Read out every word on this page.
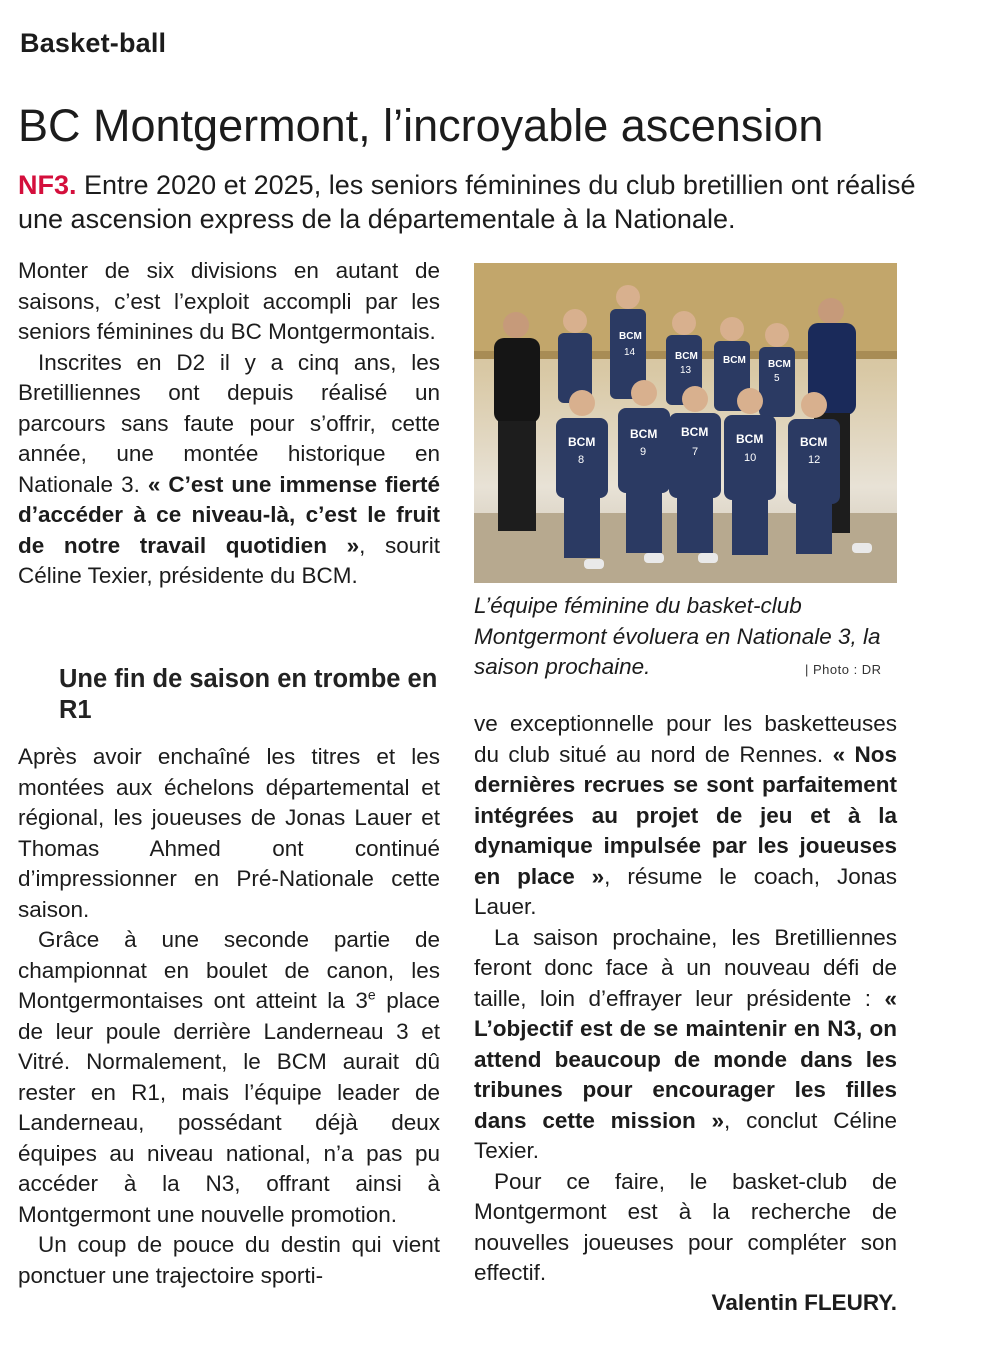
Basket-ball
BC Montgermont, l’incroyable ascension
NF3. Entre 2020 et 2025, les seniors féminines du club bretillien ont réalisé une ascension express de la départementale à la Nationale.

Monter de six divisions en autant de saisons, c’est l’exploit accompli par les seniors féminines du BC Montgermontais.

Inscrites en D2 il y a cinq ans, les Bretilliennes ont depuis réalisé un parcours sans faute pour s’offrir, cette année, une montée historique en Nationale 3. « C’est une immense fierté d’accéder à ce niveau-là, c’est le fruit de notre travail quotidien », sourit Céline Texier, présidente du BCM.

Une fin de saison en trombe en R1

Après avoir enchaîné les titres et les montées aux échelons départemental et régional, les joueuses de Jonas Lauer et Thomas Ahmed ont continué d’impressionner en Pré-Nationale cette saison.

Grâce à une seconde partie de championnat en boulet de canon, les Montgermontaises ont atteint la 3e place de leur poule derrière Landerneau 3 et Vitré. Normalement, le BCM aurait dû rester en R1, mais l’équipe leader de Landerneau, possédant déjà deux équipes au niveau national, n’a pas pu accéder à la N3, offrant ainsi à Montgermont une nouvelle promotion.

Un coup de pouce du destin qui vient ponctuer une trajectoire sporti-

BCM
14	BCM
13
BCM BCM
5
BCM
8
BCM
9
BCM
7
BCM
10
BCM
12
L’équipe féminine du basket-club Montgermont évoluera en Nationale 3, la saison prochaine.	| Photo : DR

ve exceptionnelle pour les basketteuses du club situé au nord de Rennes. « Nos dernières recrues se sont parfaitement intégrées au projet de jeu et à la dynamique impulsée par les joueuses en place », résume le coach, Jonas Lauer.

La saison prochaine, les Bretilliennes feront donc face à un nouveau défi de taille, loin d’effrayer leur présidente : « L’objectif est de se maintenir en N3, on attend beaucoup de monde dans les tribunes pour encourager les filles dans cette mission », conclut Céline Texier.

Pour ce faire, le basket-club de Montgermont est à la recherche de nouvelles joueuses pour compléter son effectif.

Valentin FLEURY.
